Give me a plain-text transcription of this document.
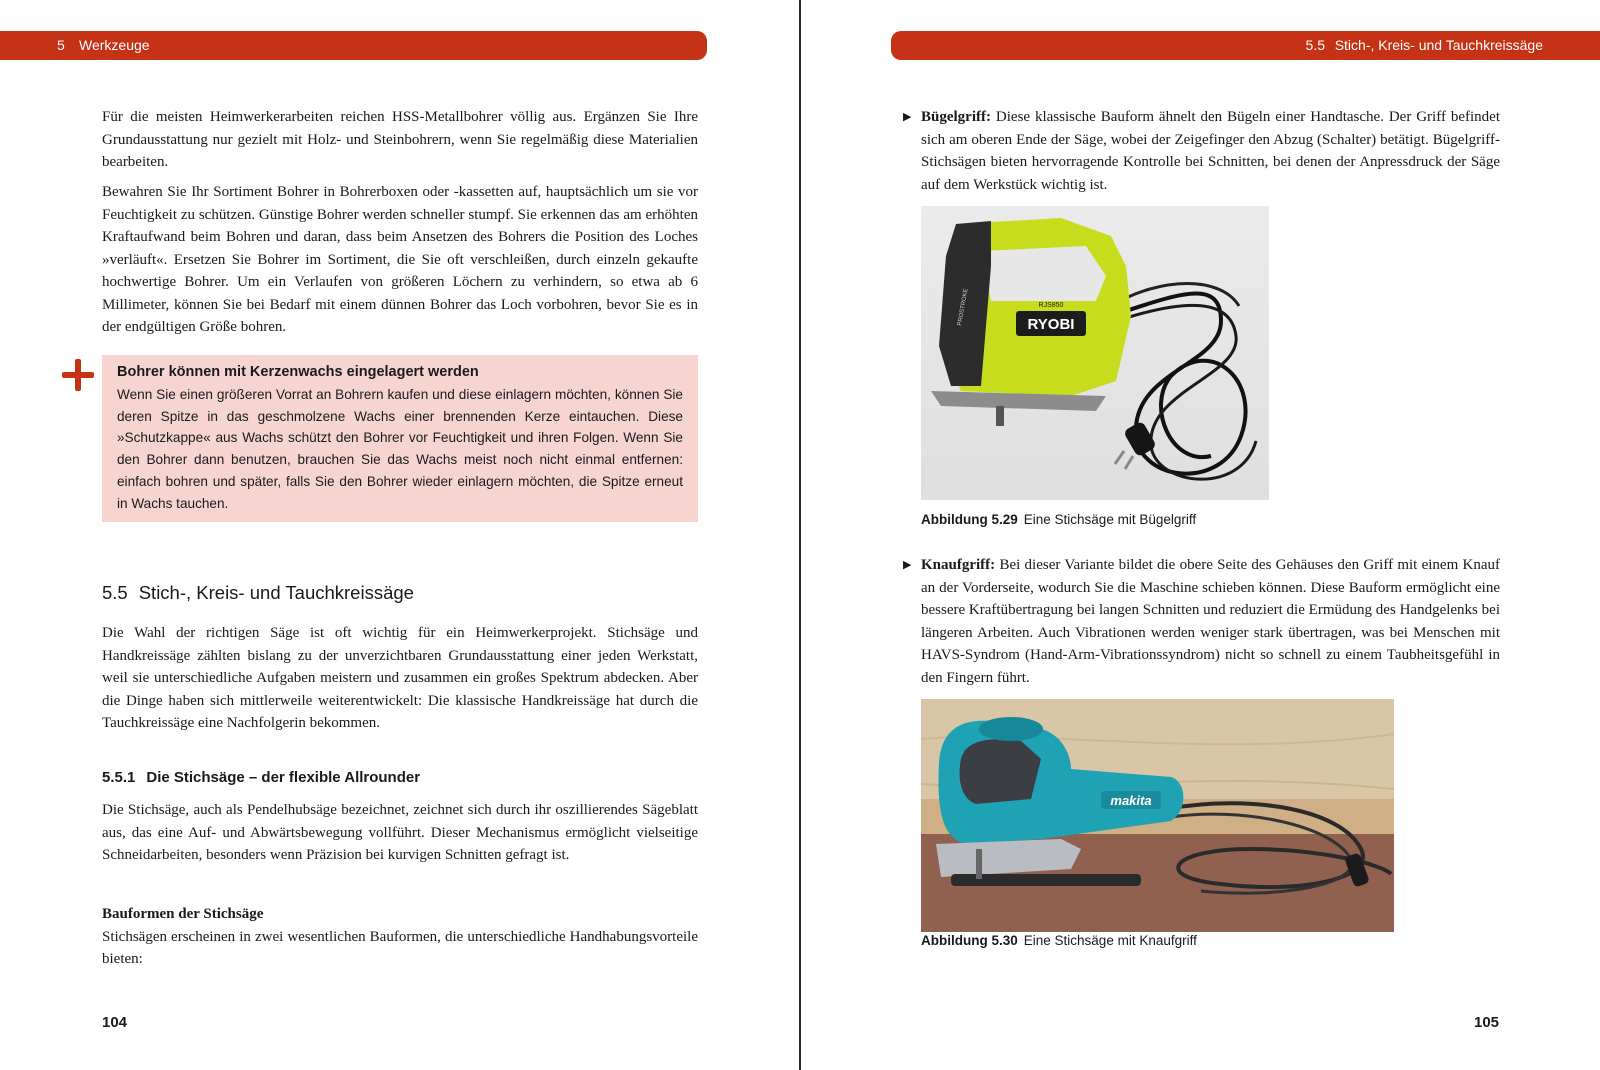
5 Werkzeuge	5.5 Stich-, Kreis- und Tauchkreissäge

Für die meisten Heimwerkerarbeiten reichen HSS-Metallbohrer völlig aus. Ergänzen Sie Ihre Grundausstattung nur gezielt mit Holz- und Steinbohrern, wenn Sie regelmäßig diese Materialien bearbeiten.

Bewahren Sie Ihr Sortiment Bohrer in Bohrerboxen oder -kassetten auf, hauptsächlich um sie vor Feuchtigkeit zu schützen. Günstige Bohrer werden schneller stumpf. Sie erkennen das am erhöhten Kraftaufwand beim Bohren und daran, dass beim Ansetzen des Bohrers die Position des Loches »verläuft«. Ersetzen Sie Bohrer im Sortiment, die Sie oft verschleißen, durch einzeln gekaufte hochwertige Bohrer. Um ein Verlaufen von größeren Löchern zu verhindern, so etwa ab 6 Millimeter, können Sie bei Bedarf mit einem dünnen Bohrer das Loch vorbohren, bevor Sie es in der endgültigen Größe bohren.

Bohrer können mit Kerzenwachs eingelagert werden

Wenn Sie einen größeren Vorrat an Bohrern kaufen und diese einlagern möchten, können Sie deren Spitze in das geschmolzene Wachs einer brennenden Kerze eintauchen. Diese »Schutzkappe« aus Wachs schützt den Bohrer vor Feuchtigkeit und ihren Folgen. Wenn Sie den Bohrer dann benutzen, brauchen Sie das Wachs meist noch nicht einmal entfernen: einfach bohren und später, falls Sie den Bohrer wieder einlagern möchten, die Spitze erneut in Wachs tauchen.

5.5 Stich-, Kreis- und Tauchkreissäge

Die Wahl der richtigen Säge ist oft wichtig für ein Heimwerkerprojekt. Stichsäge und Handkreissäge zählten bislang zu der unverzichtbaren Grundausstattung einer jeden Werkstatt, weil sie unterschiedliche Aufgaben meistern und zusammen ein großes Spektrum abdecken. Aber die Dinge haben sich mittlerweile weiterentwickelt: Die klassische Handkreissäge hat durch die Tauchkreissäge eine Nachfolgerin bekommen.

5.5.1 Die Stichsäge – der flexible Allrounder

Die Stichsäge, auch als Pendelhubsäge bezeichnet, zeichnet sich durch ihr oszillierendes Sägeblatt aus, das eine Auf- und Abwärtsbewegung vollführt. Dieser Mechanismus ermöglicht vielseitige Schneidarbeiten, besonders wenn Präzision bei kurvigen Schnitten gefragt ist.

Bauformen der Stichsäge

Stichsägen erscheinen in zwei wesentlichen Bauformen, die unterschiedliche Handhabungsvorteile bieten:

104
▶ Bügelgriff: Diese klassische Bauform ähnelt den Bügeln einer Handtasche. Der Griff befindet sich am oberen Ende der Säge, wobei der Zeigefinger den Abzug (Schalter) betätigt. Bügelgriff-Stichsägen bieten hervorragende Kontrolle bei Schnitten, bei denen der Anpressdruck der Säge auf dem Werkstück wichtig ist.

RYOBI
RJS850
PROSTROKE
Abbildung 5.29 Eine Stichsäge mit Bügelgriff
▶ Knaufgriff: Bei dieser Variante bildet die obere Seite des Gehäuses den Griff mit einem Knauf an der Vorderseite, wodurch Sie die Maschine schieben können. Diese Bauform ermöglicht eine bessere Kraftübertragung bei langen Schnitten und reduziert die Ermüdung des Handgelenks bei längeren Arbeiten. Auch Vibrationen werden weniger stark übertragen, was bei Menschen mit HAVS-Syndrom (Hand-Arm-Vibrationssyndrom) nicht so schnell zu einem Taubheitsgefühl in den Fingern führt.

makita
Abbildung 5.30 Eine Stichsäge mit Knaufgriff
105
